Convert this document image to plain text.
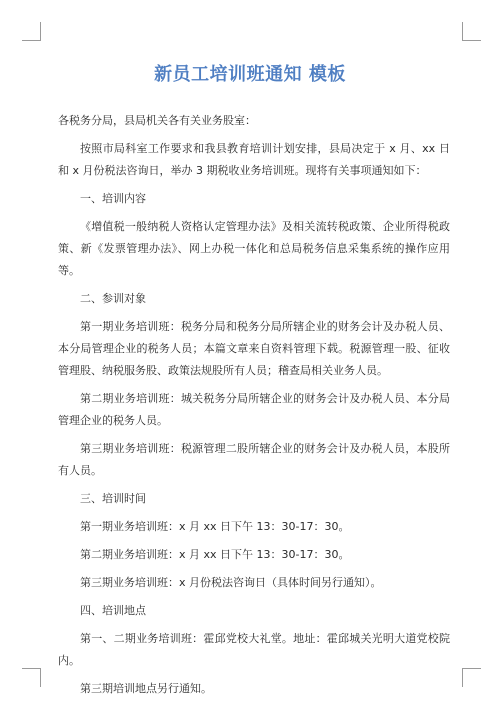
新员工培训班通知 模板

各税务分局，县局机关各有关业务股室：

按照市局科室工作要求和我县教育培训计划安排，县局决定于 x 月、xx 日和 x 月份税法咨询日，举办 3 期税收业务培训班。现将有关事项通知如下：

一、培训内容

《增值税一般纳税人资格认定管理办法》及相关流转税政策、企业所得税政策、新《发票管理办法》、网上办税一体化和总局税务信息采集系统的操作应用等。

二、参训对象

第一期业务培训班：税务分局和税务分局所辖企业的财务会计及办税人员、本分局管理企业的税务人员；本篇文章来自资料管理下载。税源管理一股、征收管理股、纳税服务股、政策法规股所有人员；稽查局相关业务人员。

第二期业务培训班：城关税务分局所辖企业的财务会计及办税人员、本分局管理企业的税务人员。

第三期业务培训班：税源管理二股所辖企业的财务会计及办税人员，本股所有人员。

三、培训时间

第一期业务培训班：x 月 xx 日下午 13：30-17：30。

第二期业务培训班：x 月 xx 日下午 13：30-17：30。

第三期业务培训班：x 月份税法咨询日（具体时间另行通知）。

四、培训地点

第一、二期业务培训班：霍邱党校大礼堂。地址：霍邱城关光明大道党校院内。

第三期培训地点另行通知。
